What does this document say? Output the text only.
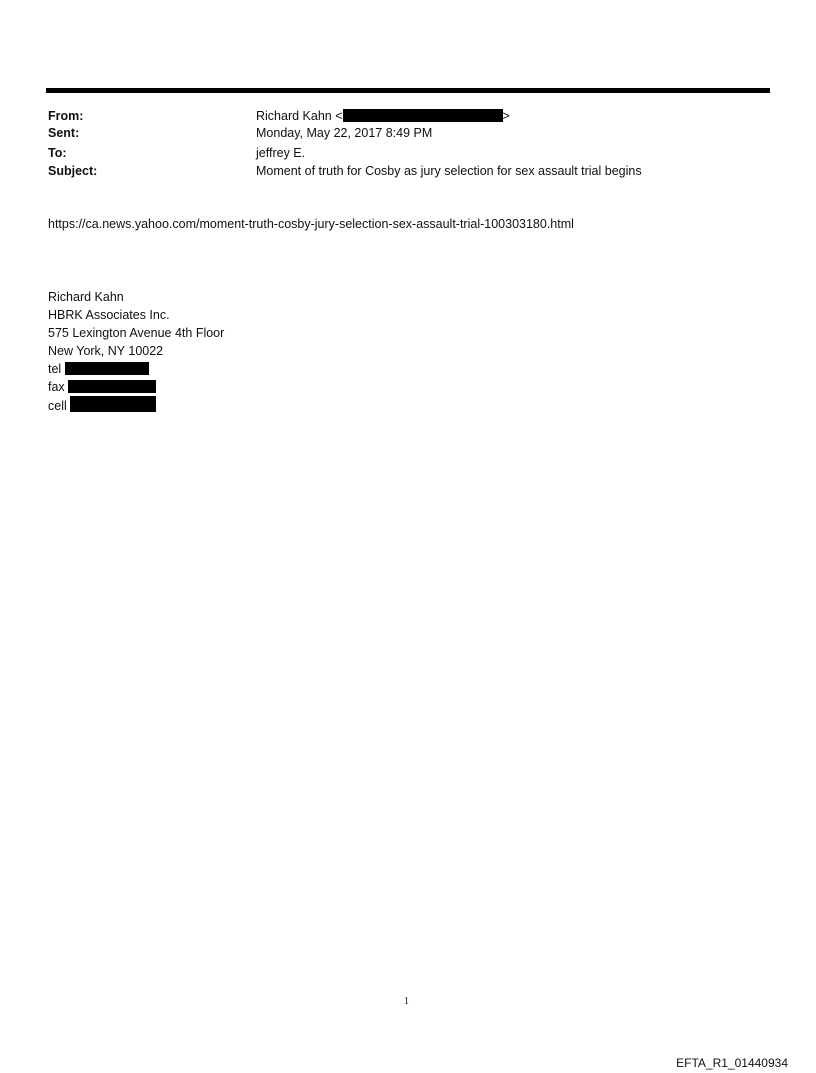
From:	Richard Kahn <	>
Sent:	Monday, May 22, 2017 8:49 PM
To:	jeffrey E.
Subject:	Moment of truth for Cosby as jury selection for sex assault trial begins
https://ca.news.yahoo.com/moment-truth-cosby-jury-selection-sex-assault-trial-100303180.html
Richard Kahn
HBRK Associates Inc.
575 Lexington Avenue 4th Floor
New York, NY 10022
tel
fax
cell
1
EFTA_R1_01440934
